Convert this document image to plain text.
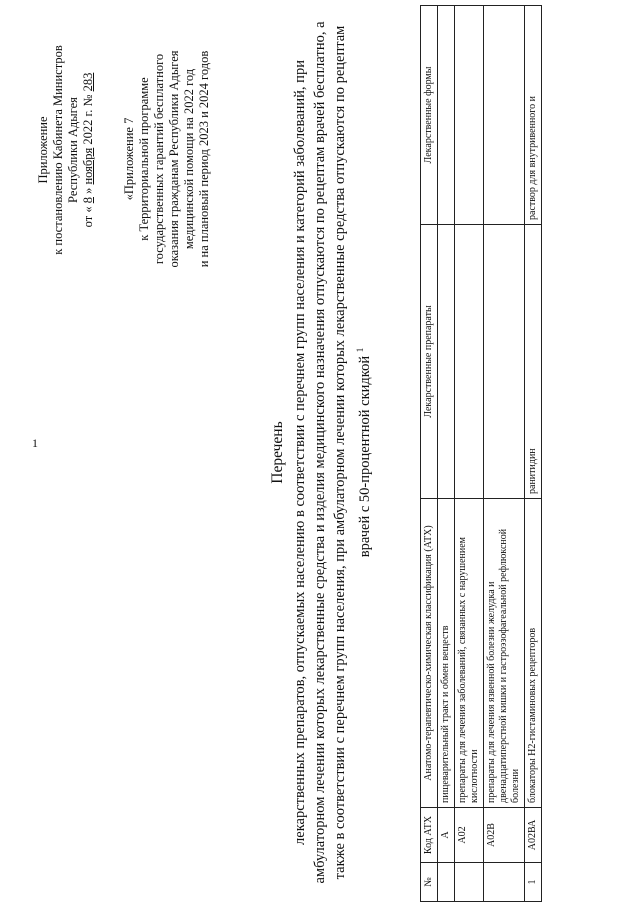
1
Приложение к постановлению Кабинета Министров Республики Адыгея
от « 8 » ноября 2022 г. № 283
«Приложение 7 к Территориальной программе государственных гарантий бесплатного оказания гражданам Республики Адыгея медицинской помощи на 2022 год и на плановый период 2023 и 2024 годов
Перечень лекарственных препаратов, отпускаемых населению в соответствии с перечнем групп населения и категорий заболеваний, при амбулаторном лечении которых лекарственные средства и изделия медицинского назначения отпускаются по рецептам врачей бесплатно, а также в соответствии с перечнем групп населения, при амбулаторном лечении которых лекарственные средства отпускаются по рецептам врачей с 50-процентной скидкой $^1$
№	Код АТХ	Анатомо-терапевтическо-химическая классификация (АТХ)	Лекарственные препараты	Лекарственные формы
	А	пищеварительный тракт и обмен веществ		
	А02	препараты для лечения заболеваний, связанных с нарушением кислотности		
	А02В	препараты для лечения язвенной болезни желудка и двенадцатиперстной кишки и гастроэзофагеальной рефлюксной болезни		
1	А02ВА	блокаторы Н2-гистаминовых рецепторов	ранитидин	раствор для внутривенного и
